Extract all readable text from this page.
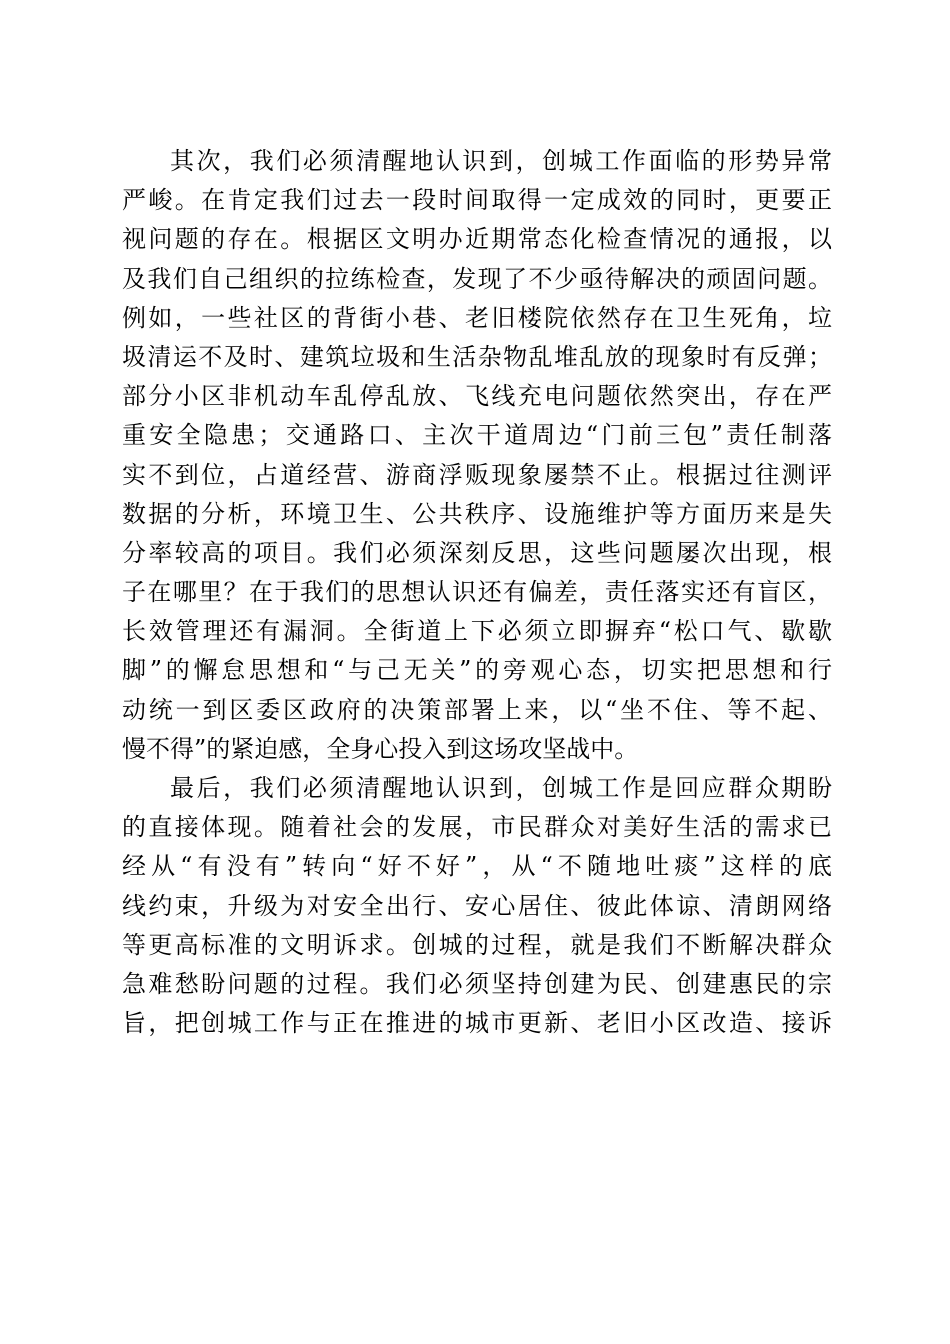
其次，我们必须清醒地认识到，创城工作面临的形势异常
严峻。在肯定我们过去一段时间取得一定成效的同时，更要正
视问题的存在。根据区文明办近期常态化检查情况的通报，以
及我们自己组织的拉练检查，发现了不少亟待解决的顽固问题。
例如，一些社区的背街小巷、老旧楼院依然存在卫生死角，垃
圾清运不及时、建筑垃圾和生活杂物乱堆乱放的现象时有反弹；
部分小区非机动车乱停乱放、飞线充电问题依然突出，存在严
重安全隐患；交通路口、主次干道周边“门前三包”责任制落
实不到位，占道经营、游商浮贩现象屡禁不止。根据过往测评
数据的分析，环境卫生、公共秩序、设施维护等方面历来是失
分率较高的项目。我们必须深刻反思，这些问题屡次出现，根
子在哪里？在于我们的思想认识还有偏差，责任落实还有盲区，
长效管理还有漏洞。全街道上下必须立即摒弃“松口气、歇歇
脚”的懈怠思想和“与己无关”的旁观心态，切实把思想和行
动统一到区委区政府的决策部署上来，以“坐不住、等不起、
慢不得”的紧迫感，全身心投入到这场攻坚战中。
最后，我们必须清醒地认识到，创城工作是回应群众期盼
的直接体现。随着社会的发展，市民群众对美好生活的需求已
经从“有没有”转向“好不好”，从“不随地吐痰”这样的底
线约束，升级为对安全出行、安心居住、彼此体谅、清朗网络
等更高标准的文明诉求。创城的过程，就是我们不断解决群众
急难愁盼问题的过程。我们必须坚持创建为民、创建惠民的宗
旨，把创城工作与正在推进的城市更新、老旧小区改造、接诉
